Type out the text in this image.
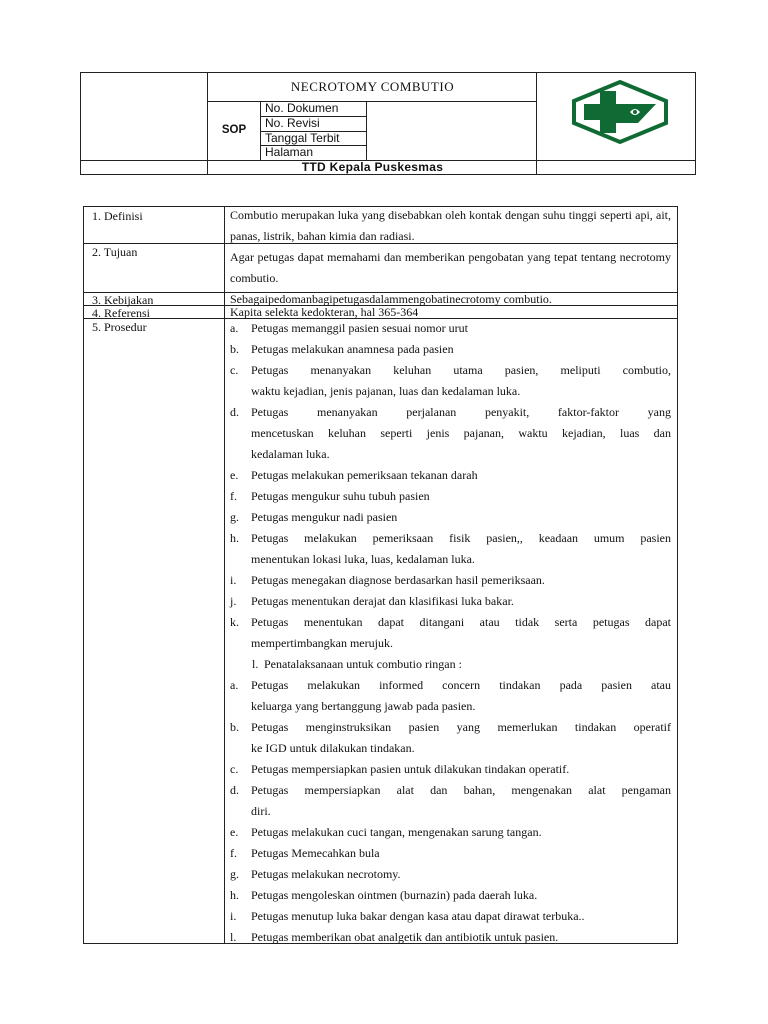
NECROTOMY COMBUTIO
SOP
No. Dokumen
No. Revisi
Tanggal Terbit
Halaman
TTD Kepala Puskesmas
1. Definisi	Combutio merupakan luka yang disebabkan oleh kontak dengan suhu tinggi seperti api, ait, panas, listrik, bahan kimia dan radiasi.
2. Tujuan	Agar petugas dapat memahami dan memberikan pengobatan yang tepat tentang necrotomy combutio.
3. Kebijakan	Sebagaipedomanbagipetugasdalammengobatinecrotomy combutio.
4. Referensi	Kapita selekta kedokteran, hal 365-364
5. Prosedur	a. Petugas memanggil pasien sesuai nomor urut
b. Petugas melakukan anamnesa pada pasien
c. Petugas menanyakan keluhan utama pasien, meliputi combutio,
waktu kejadian, jenis pajanan, luas dan kedalaman luka.
d. Petugas menanyakan perjalanan penyakit, faktor-faktor yang
mencetuskan keluhan seperti jenis pajanan, waktu kejadian, luas dan
kedalaman luka.
e. Petugas melakukan pemeriksaan tekanan darah
f. Petugas mengukur suhu tubuh pasien
g. Petugas mengukur nadi pasien
h. Petugas melakukan pemeriksaan fisik pasien,, keadaan umum pasien
menentukan lokasi luka, luas, kedalaman luka.
i. Petugas menegakan diagnose berdasarkan hasil pemeriksaan.
j. Petugas menentukan derajat dan klasifikasi luka bakar.
k. Petugas menentukan dapat ditangani atau tidak serta petugas dapat
mempertimbangkan merujuk.
l. Penatalaksanaan untuk combutio ringan :
a. Petugas melakukan informed concern tindakan pada pasien atau
keluarga yang bertanggung jawab pada pasien.
b. Petugas menginstruksikan pasien yang memerlukan tindakan operatif
ke IGD untuk dilakukan tindakan.
c. Petugas mempersiapkan pasien untuk dilakukan tindakan operatif.
d. Petugas mempersiapkan alat dan bahan, mengenakan alat pengaman
diri.
e. Petugas melakukan cuci tangan, mengenakan sarung tangan.
f. Petugas Memecahkan bula
g. Petugas melakukan necrotomy.
h. Petugas mengoleskan ointmen (burnazin) pada daerah luka.
i. Petugas menutup luka bakar dengan kasa atau dapat dirawat terbuka..
l. Petugas memberikan obat analgetik dan antibiotik untuk pasien.
